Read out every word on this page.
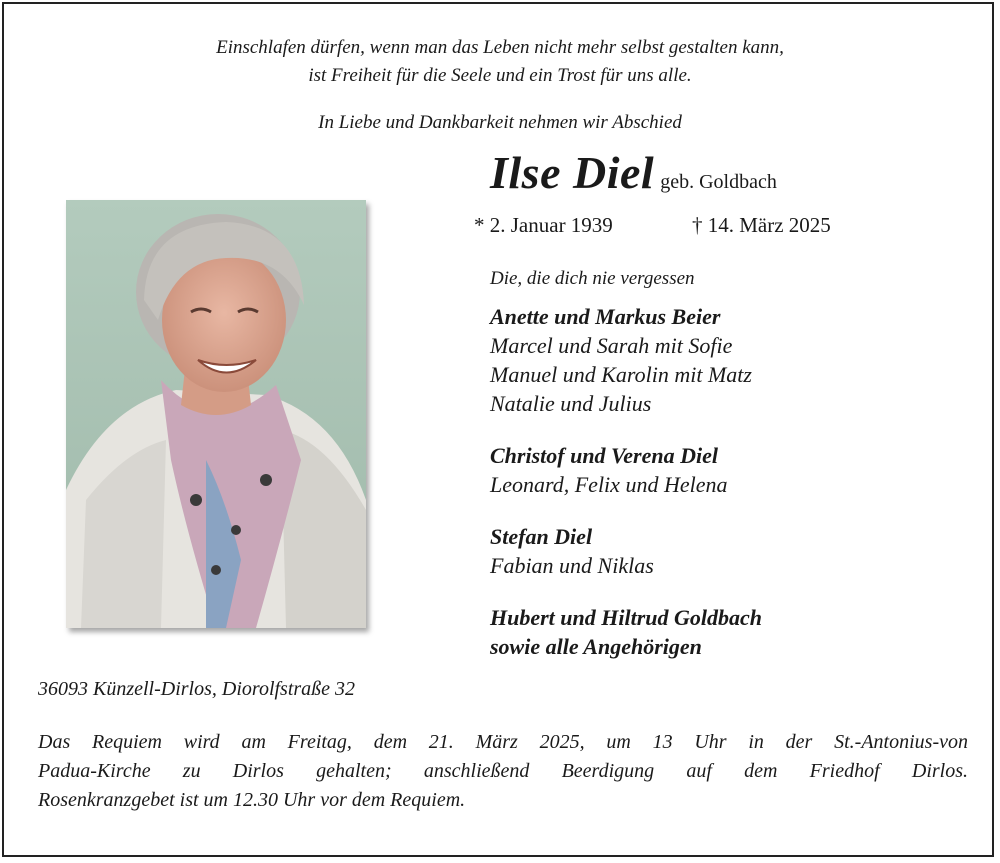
Einschlafen dürfen, wenn man das Leben nicht mehr selbst gestalten kann,
ist Freiheit für die Seele und ein Trost für uns alle.
In Liebe und Dankbarkeit nehmen wir Abschied
Ilse Diel geb. Goldbach
* 2. Januar 1939	† 14. März 2025
Die, die dich nie vergessen
Anette und Markus Beier
Marcel und Sarah mit Sofie
Manuel und Karolin mit Matz
Natalie und Julius
Christof und Verena Diel
Leonard, Felix und Helena
Stefan Diel
Fabian und Niklas
Hubert und Hiltrud Goldbach
sowie alle Angehörigen
36093 Künzell-Dirlos, Diorolfstraße 32
Das Requiem wird am Freitag, dem 21. März 2025, um 13 Uhr in der St.-Antonius-von
Padua-Kirche zu Dirlos gehalten; anschließend Beerdigung auf dem Friedhof Dirlos.
Rosenkranzgebet ist um 12.30 Uhr vor dem Requiem.
